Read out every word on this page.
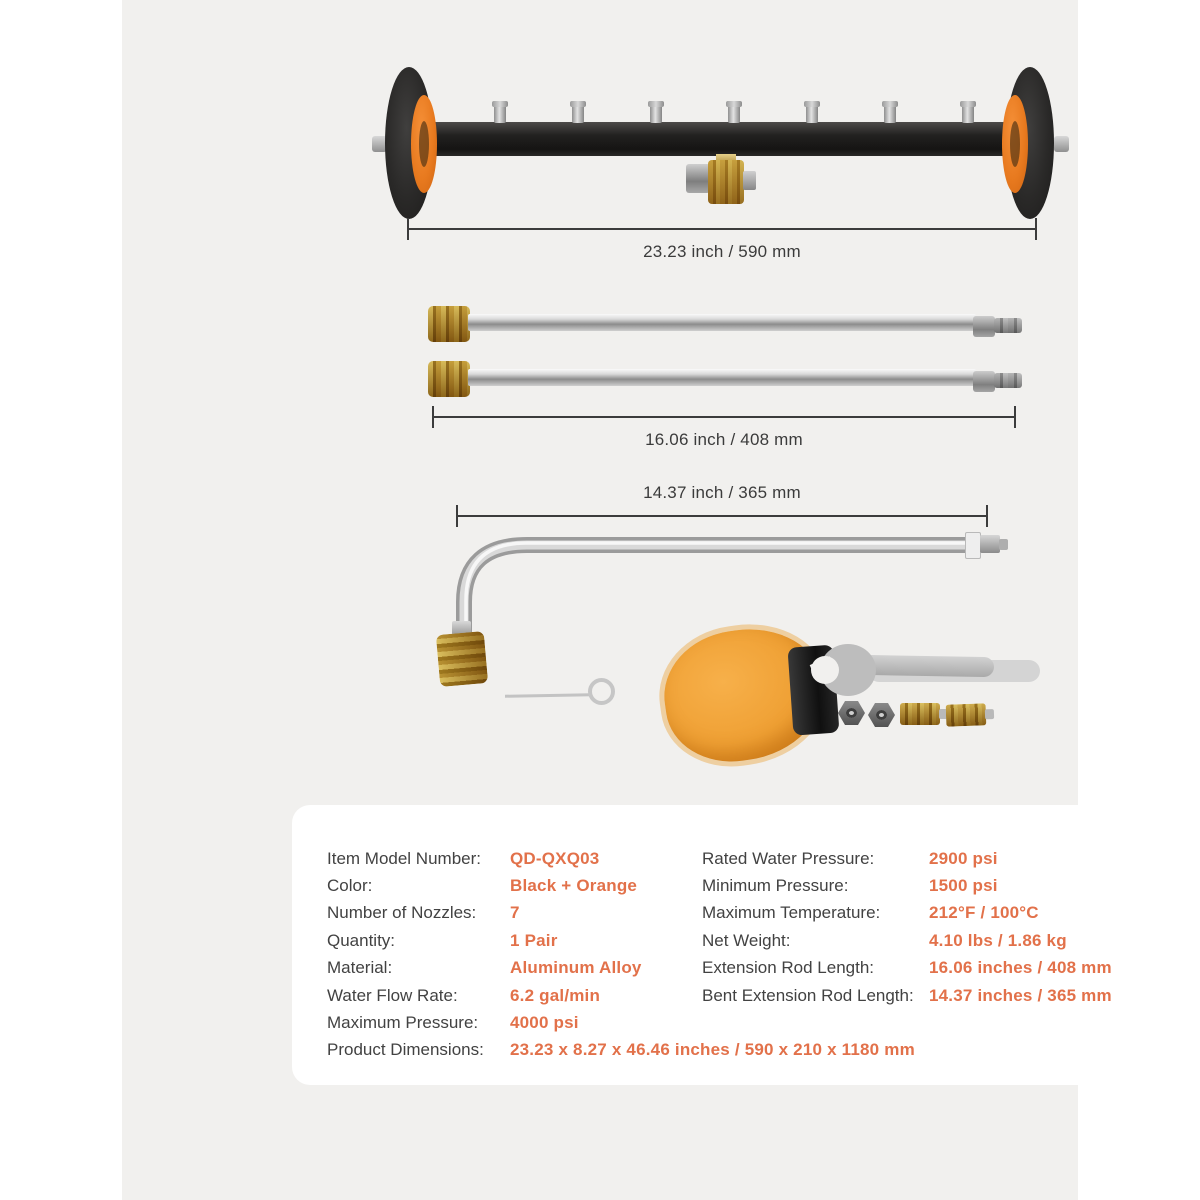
23.23 inch / 590 mm
16.06 inch / 408 mm
14.37 inch / 365 mm
Item Model Number:	QD-QXQ03
Color:	Black + Orange
Number of Nozzles:	7
Quantity:	1 Pair
Material:	Aluminum Alloy
Water Flow Rate:	6.2 gal/min
Maximum Pressure:	4000 psi
Product Dimensions:	23.23 x 8.27 x 46.46 inches / 590 x 210 x 1180 mm
Rated Water Pressure:	2900 psi
Minimum Pressure:	1500 psi
Maximum Temperature:	212°F / 100°C
Net Weight:	4.10 lbs / 1.86 kg
Extension Rod Length:	16.06 inches / 408 mm
Bent Extension Rod Length: 14.37 inches / 365 mm
